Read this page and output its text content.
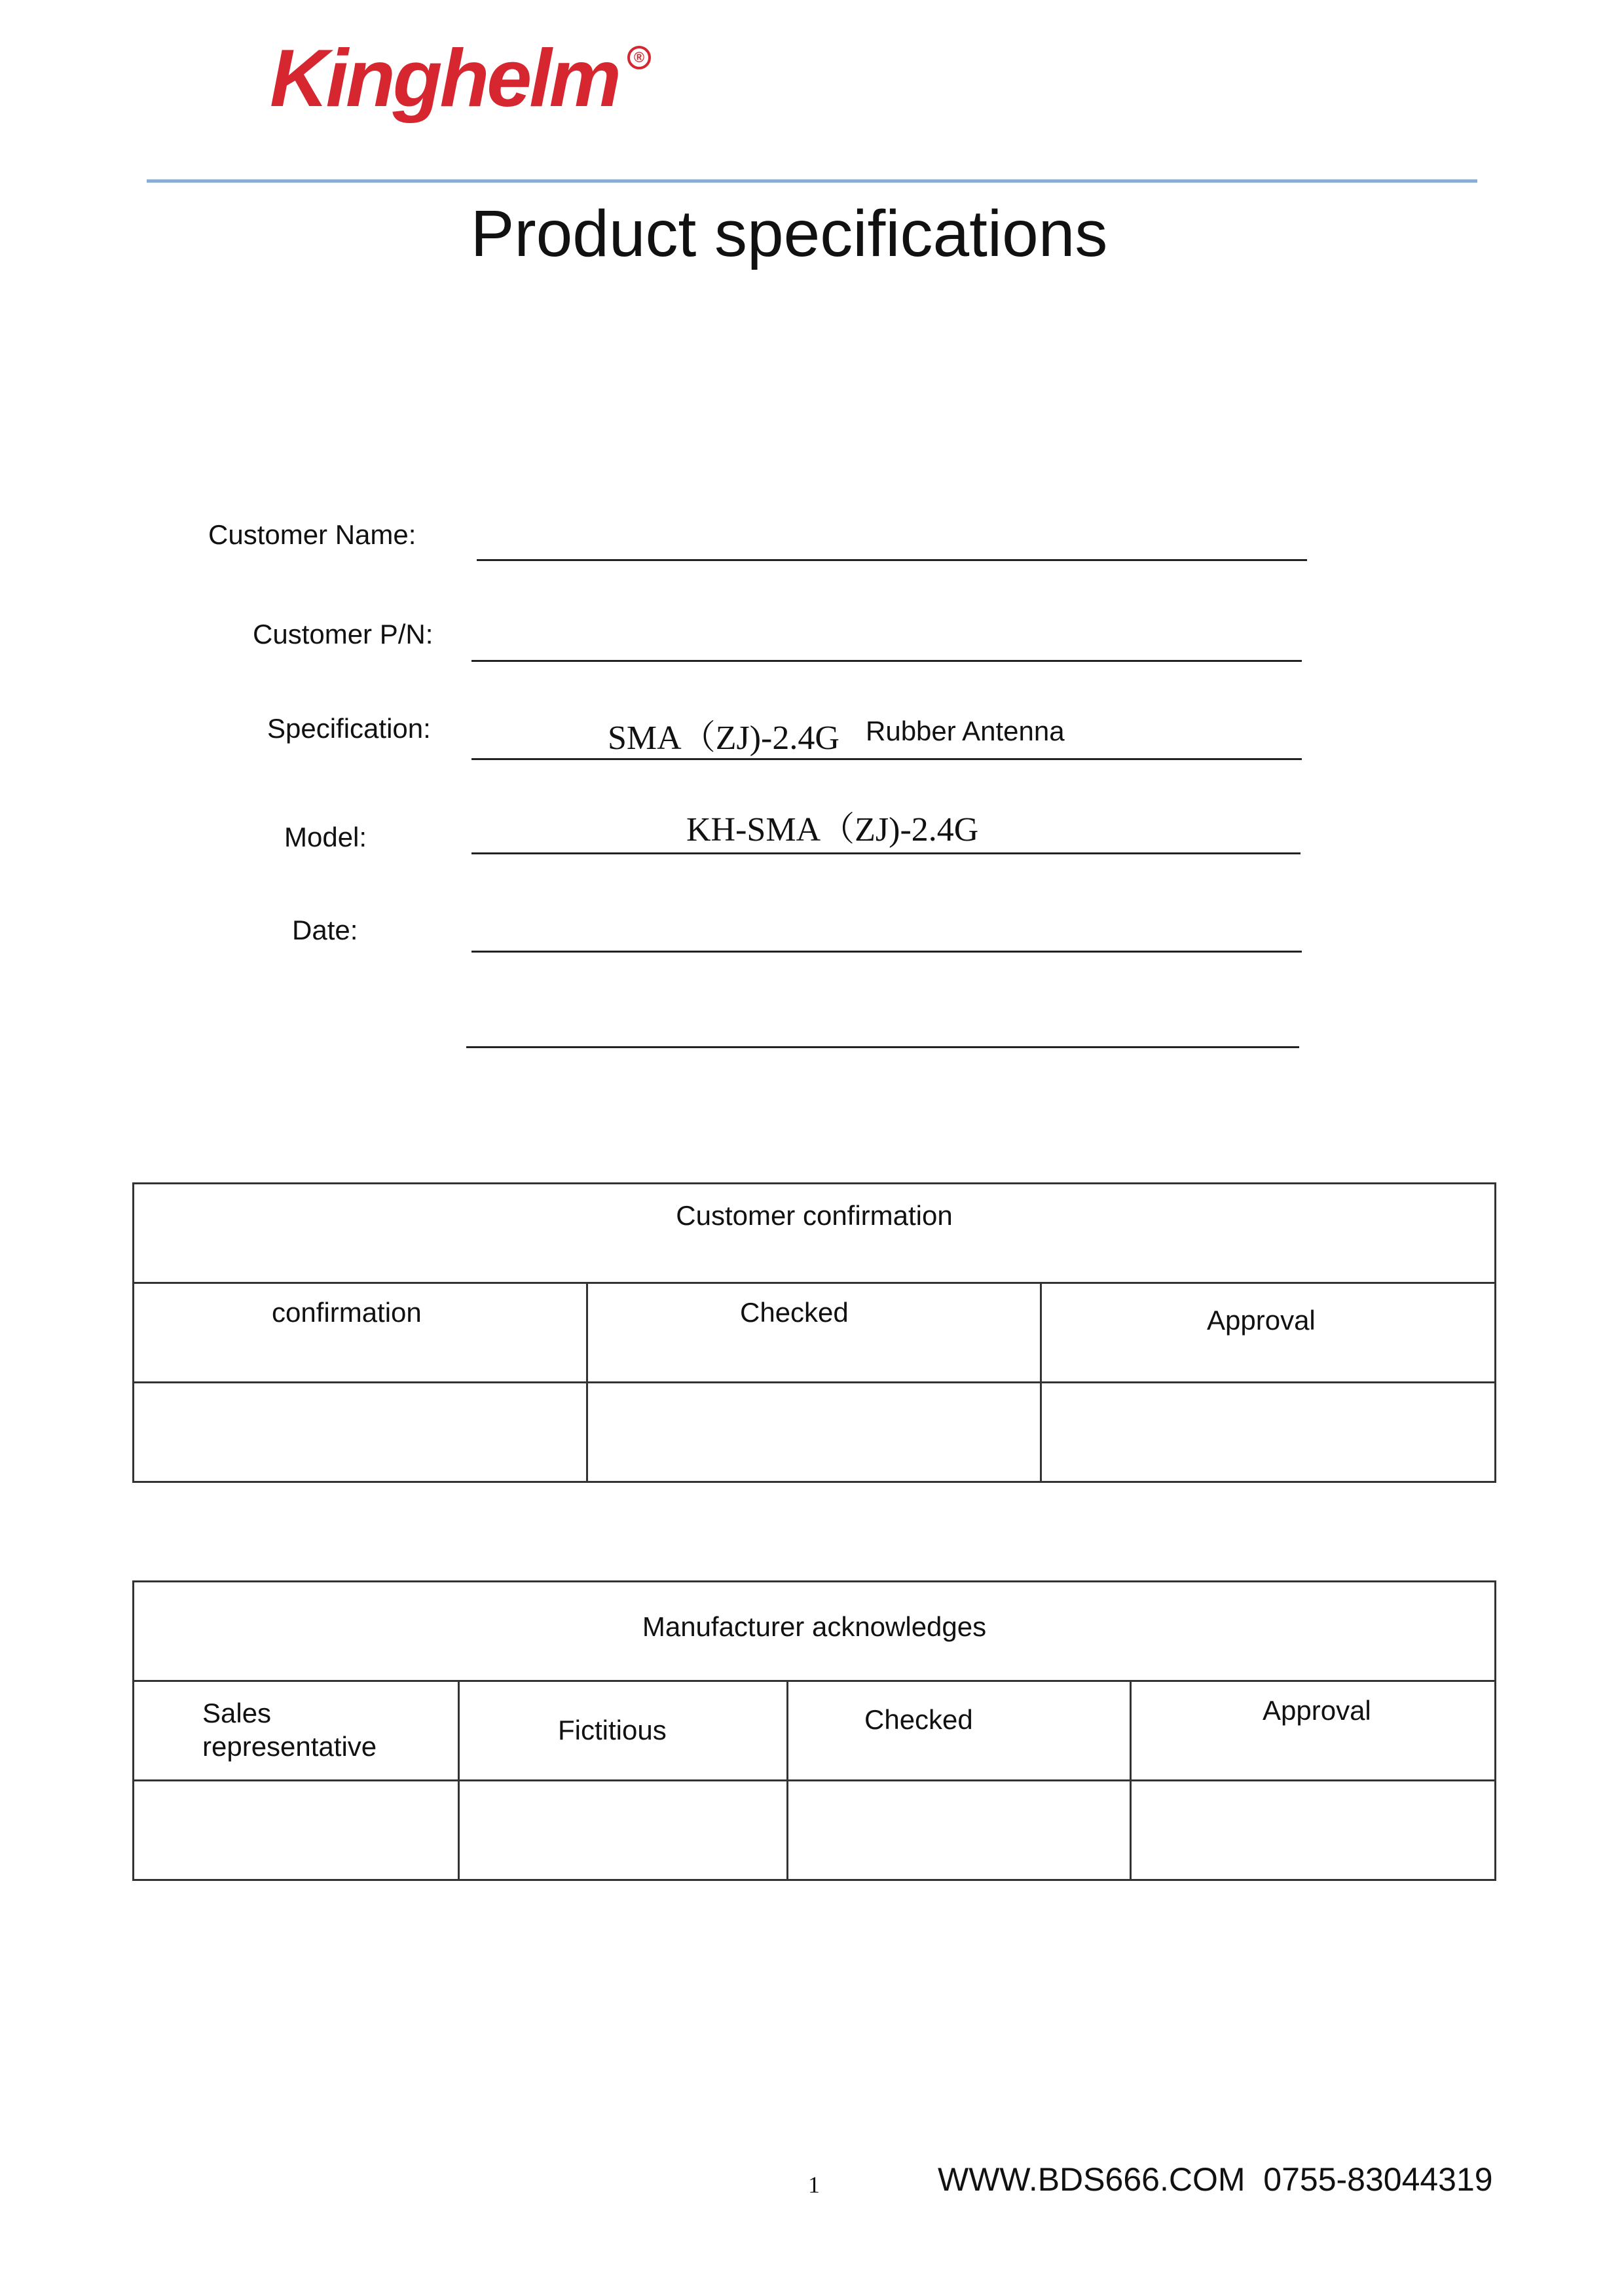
Kinghelm	®
Product specifications
Customer Name:
Customer P/N:
Specification:	SMA（ZJ)-2.4G Rubber Antenna
Model:	KH-SMA（ZJ)-2.4G
Date:
Customer confirmation		

confirmation	Checked	Approval

Manufacturer acknowledges			

Sales
representative	Fictitious	Checked	Approval

1	WWW.BDS666.COM  0755-83044319
